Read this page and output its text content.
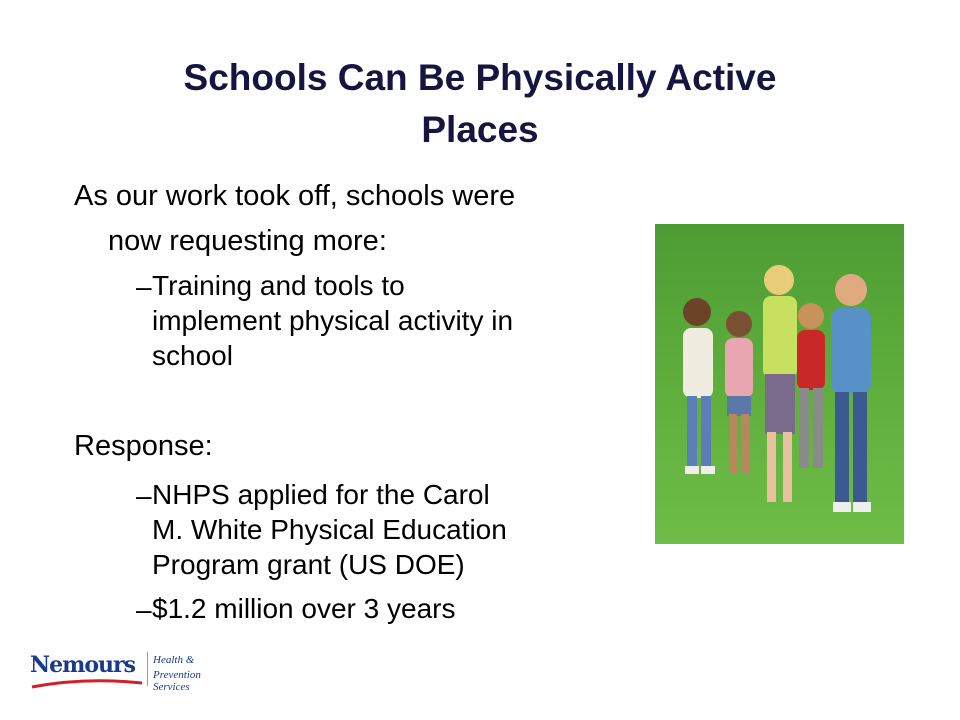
Schools Can Be Physically Active
Places
As our work took off, schools were
now requesting more:
– Training and tools to
implement physical activity in
school
Response:
– NHPS applied for the Carol
M. White Physical Education
Program grant (US DOE)
– $1.2 million over 3 years
Nemours Health &
Prevention Services
